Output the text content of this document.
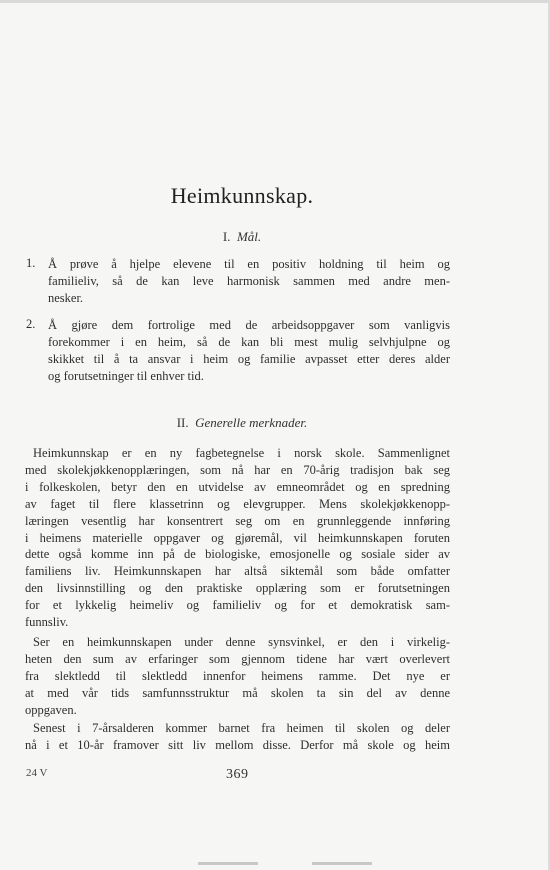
Heimkunnskap.
I. Mål.
1. Å prøve å hjelpe elevene til en positiv holdning til heim og
familieliv, så de kan leve harmonisk sammen med andre men-
nesker.
2. Å gjøre dem fortrolige med de arbeidsoppgaver som vanligvis
forekommer i en heim, så de kan bli mest mulig selvhjulpne og
skikket til å ta ansvar i heim og familie avpasset etter deres alder
og forutsetninger til enhver tid.
II. Generelle merknader.
Heimkunnskap er en ny fagbetegnelse i norsk skole. Sammenlignet
med skolekjøkkenopplæringen, som nå har en 70-årig tradisjon bak seg
i folkeskolen, betyr den en utvidelse av emneområdet og en spredning
av faget til flere klassetrinn og elevgrupper. Mens skolekjøkkenopp-
læringen vesentlig har konsentrert seg om en grunnleggende innføring
i heimens materielle oppgaver og gjøremål, vil heimkunnskapen foruten
dette også komme inn på de biologiske, emosjonelle og sosiale sider av
familiens liv. Heimkunnskapen har altså siktemål som både omfatter
den livsinnstilling og den praktiske opplæring som er forutsetningen
for et lykkelig heimeliv og familieliv og for et demokratisk sam-
funnsliv.
Ser en heimkunnskapen under denne synsvinkel, er den i virkelig-
heten den sum av erfaringer som gjennom tidene har vært overlevert
fra slektledd til slektledd innenfor heimens ramme. Det nye er
at med vår tids samfunnsstruktur må skolen ta sin del av denne
oppgaven.
Senest i 7-årsalderen kommer barnet fra heimen til skolen og deler
nå i et 10-år framover sitt liv mellom disse. Derfor må skole og heim
24 V	369
